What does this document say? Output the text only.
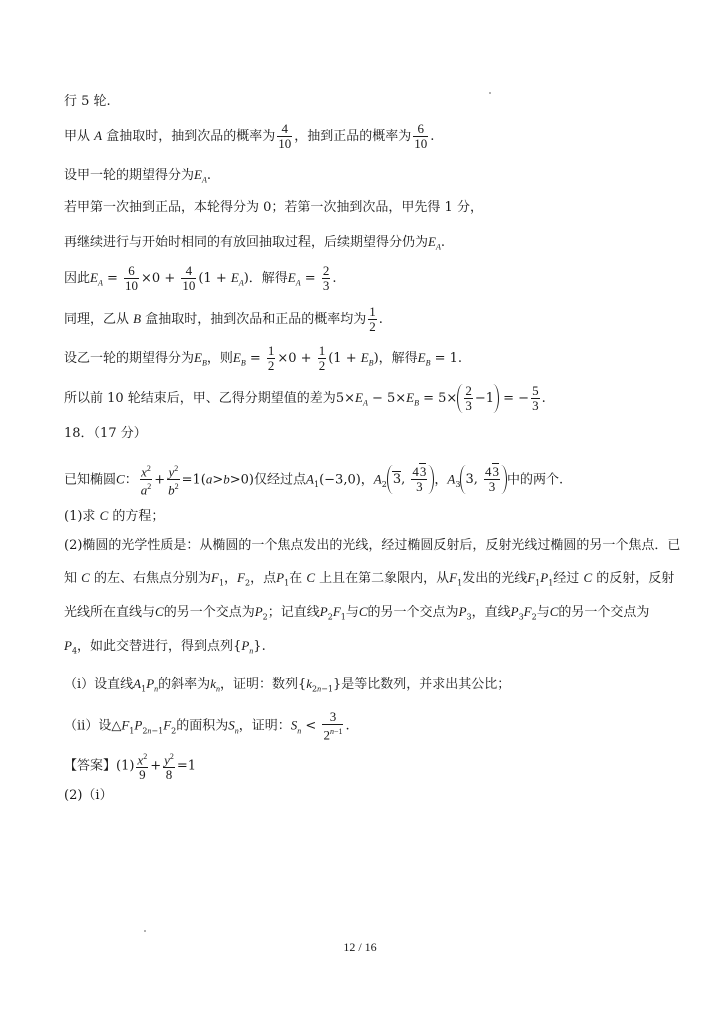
行 5 轮.
甲从 A 盒抽取时，抽到次品的概率为 $\frac{4}{10}$ ，抽到正品的概率为 $\frac{6}{10}$ .
设甲一轮的期望得分为$E_A$.
若甲第一次抽到正品，本轮得分为 0；若第一次抽到次品，甲先得 1 分，
再继续进行与开始时相同的有放回抽取过程，后续期望得分仍为$E_A$.
因此$E_A = \frac{6}{10} \times 0 + \frac{4}{10} (1 + E_A)$．解得$E_A = \frac{2}{3}$ .
同理，乙从 B 盒抽取时，抽到次品和正品的概率均为 $\frac{1}{2}$ .
设乙一轮的期望得分为$E_B$，则$E_B = \frac{1}{2} \times 0 + \frac{1}{2} (1 + E_B)$，解得$E_B = 1$.
所以前 10 轮结束后，甲、乙得分期望值的差为$5\times E_A - 5\times E_B = 5\times \frac{2}{3} -1$ = − $\frac{5}{3}$ .
18．（17 分）
已知椭圆C： $\frac{x^2}{a^2} + \frac{y^2}{b^2} =1(a>b>0)$仅经过点$A_1(-3,0)$，$A_2$ 3, $\frac{43}{3}$ ，$A_3$ 3, $\frac{43}{3}$ 中的两个.
(1)求 C 的方程；
(2)椭圆的光学性质是：从椭圆的一个焦点发出的光线，经过椭圆反射后，反射光线过椭圆的另一个焦点．已
知 C 的左、右焦点分别为$F_1$，$F_2$，点$P_1$在 C 上且在第二象限内，从$F_1$发出的光线$F_1P_1$经过 C 的反射，反射
光线所在直线与C的另一个交点为$P_2$；记直线$P_2F_1$与C的另一个交点为$P_3$，直线$P_3F_2$与C的另一个交点为
$P_4$，如此交替进行，得到点列$\{P_n\}$.
（ⅰ）设直线$A_1P_n$的斜率为$k_n$，证明：数列$\{k_{2n-1}\}$是等比数列，并求出其公比；
（ⅱ）设$\triangle F_1P_{2n-1}F_2$的面积为$S_n$，证明：$S_n < \frac{3}{2^{n-1}}$ .
【答案】$(1) \frac{x^2}{9} + \frac{y^2}{8} =1$
(2)（ⅰ）
12 / 16
